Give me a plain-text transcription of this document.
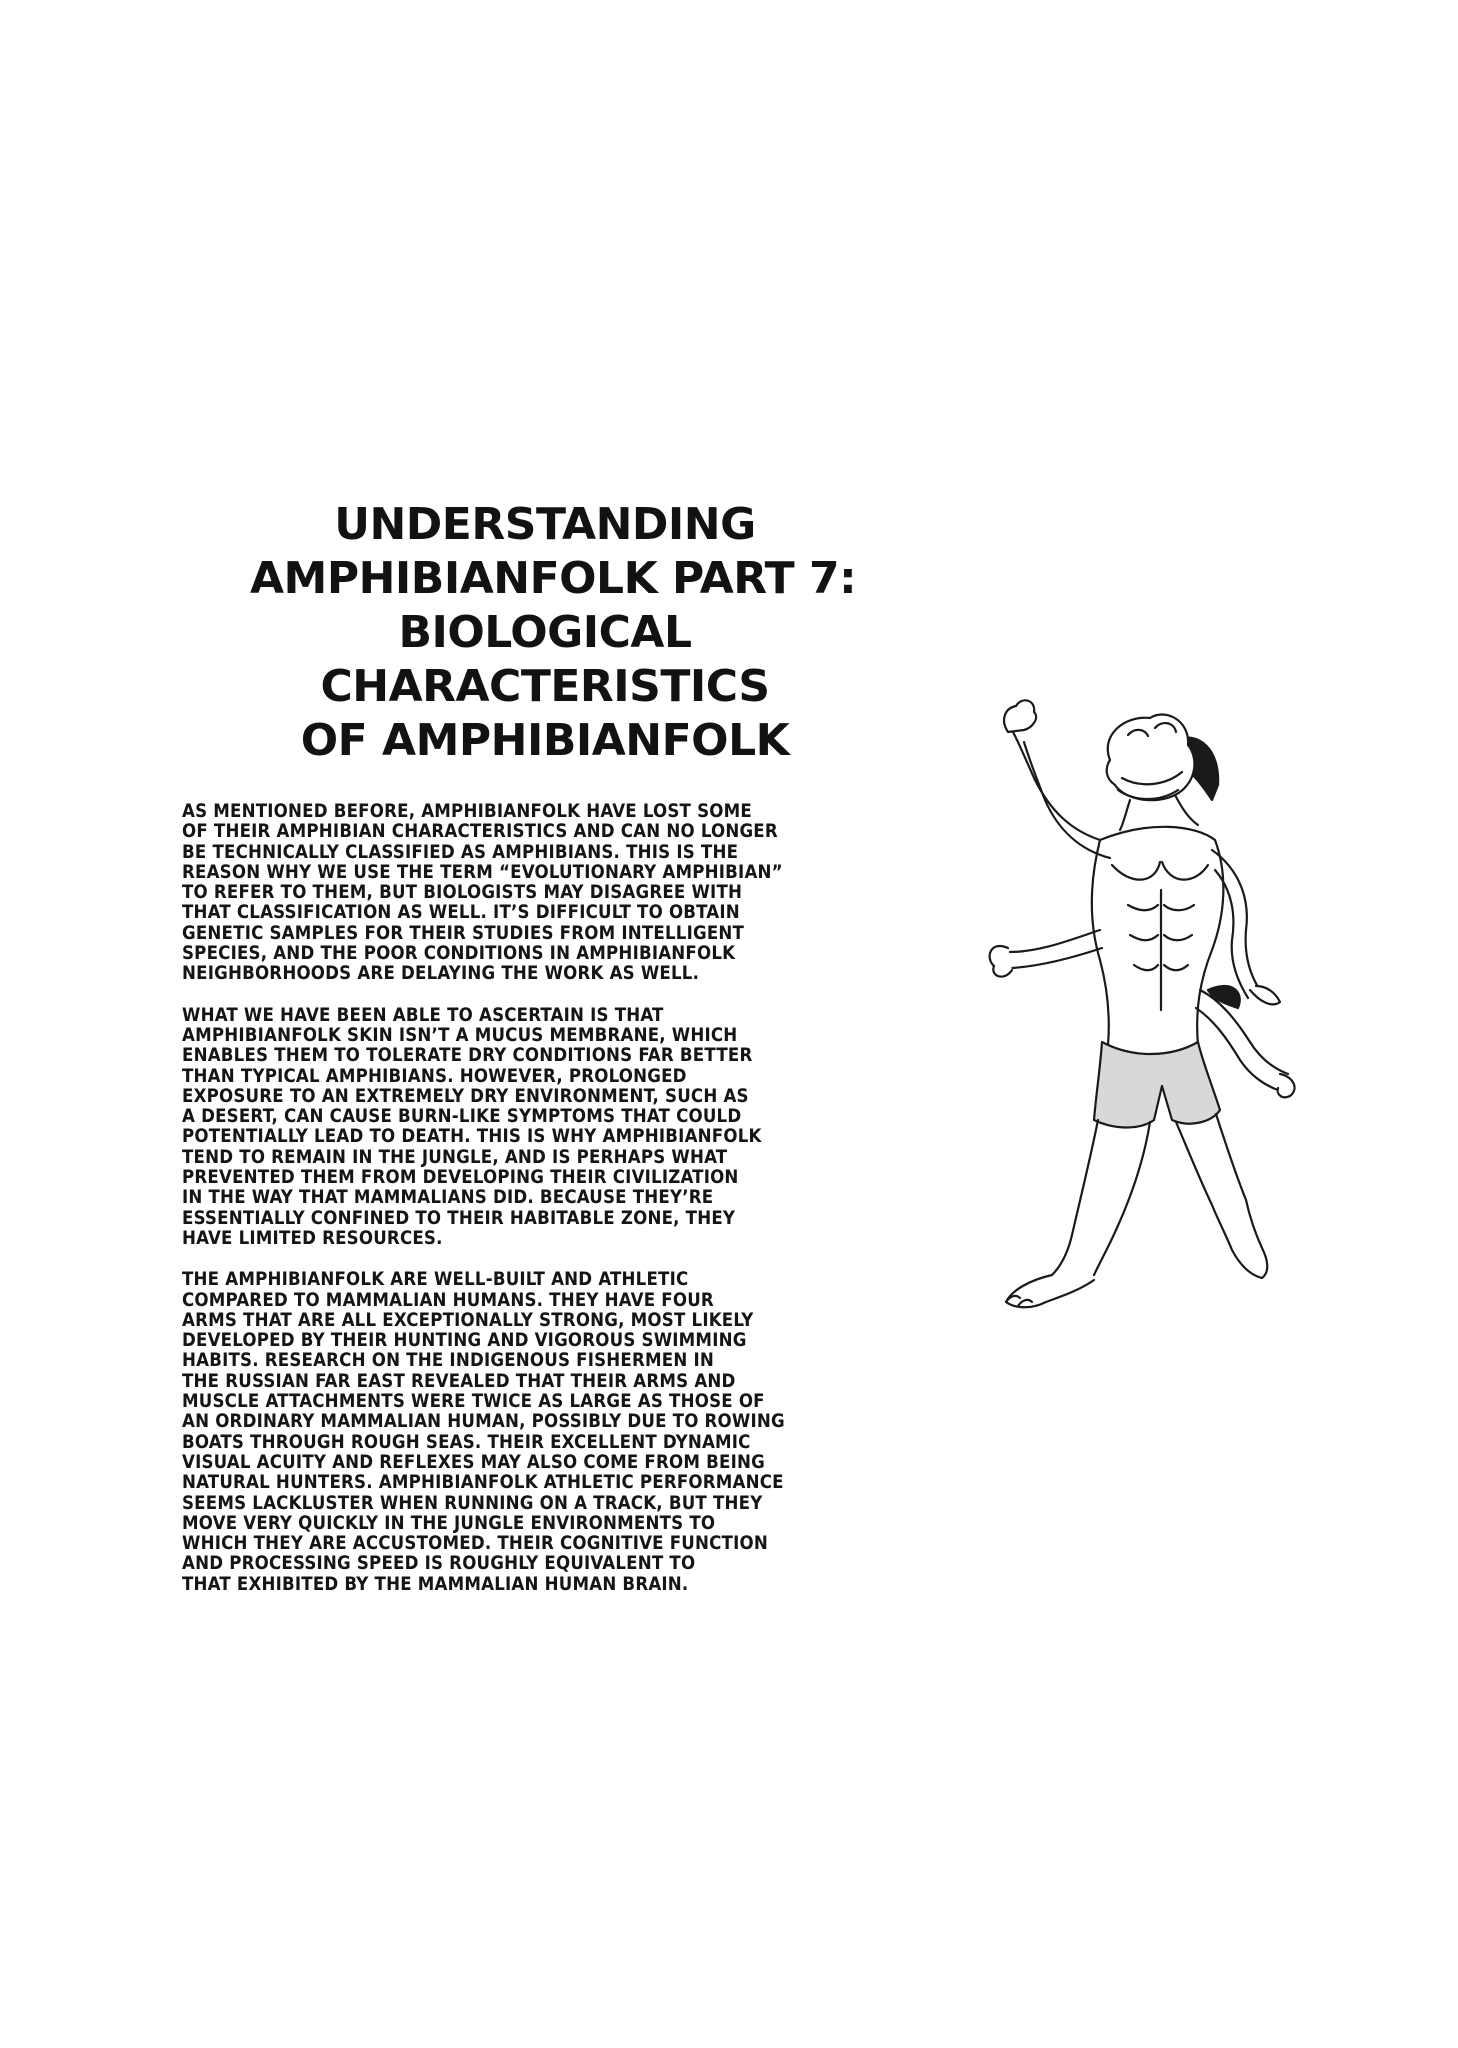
UNDERSTANDING
AMPHIBIANFOLK PART 7:
BIOLOGICAL
CHARACTERISTICS
OF AMPHIBIANFOLK

AS MENTIONED BEFORE, AMPHIBIANFOLK HAVE LOST SOME
OF THEIR AMPHIBIAN CHARACTERISTICS AND CAN NO LONGER
BE TECHNICALLY CLASSIFIED AS AMPHIBIANS. THIS IS THE
REASON WHY WE USE THE TERM “EVOLUTIONARY AMPHIBIAN”
TO REFER TO THEM, BUT BIOLOGISTS MAY DISAGREE WITH
THAT CLASSIFICATION AS WELL. IT’S DIFFICULT TO OBTAIN
GENETIC SAMPLES FOR THEIR STUDIES FROM INTELLIGENT
SPECIES, AND THE POOR CONDITIONS IN AMPHIBIANFOLK
NEIGHBORHOODS ARE DELAYING THE WORK AS WELL.

WHAT WE HAVE BEEN ABLE TO ASCERTAIN IS THAT
AMPHIBIANFOLK SKIN ISN’T A MUCUS MEMBRANE, WHICH
ENABLES THEM TO TOLERATE DRY CONDITIONS FAR BETTER
THAN TYPICAL AMPHIBIANS. HOWEVER, PROLONGED
EXPOSURE TO AN EXTREMELY DRY ENVIRONMENT, SUCH AS
A DESERT, CAN CAUSE BURN-LIKE SYMPTOMS THAT COULD
POTENTIALLY LEAD TO DEATH. THIS IS WHY AMPHIBIANFOLK
TEND TO REMAIN IN THE JUNGLE, AND IS PERHAPS WHAT
PREVENTED THEM FROM DEVELOPING THEIR CIVILIZATION
IN THE WAY THAT MAMMALIANS DID. BECAUSE THEY’RE
ESSENTIALLY CONFINED TO THEIR HABITABLE ZONE, THEY
HAVE LIMITED RESOURCES.

THE AMPHIBIANFOLK ARE WELL-BUILT AND ATHLETIC
COMPARED TO MAMMALIAN HUMANS. THEY HAVE FOUR
ARMS THAT ARE ALL EXCEPTIONALLY STRONG, MOST LIKELY
DEVELOPED BY THEIR HUNTING AND VIGOROUS SWIMMING
HABITS. RESEARCH ON THE INDIGENOUS FISHERMEN IN
THE RUSSIAN FAR EAST REVEALED THAT THEIR ARMS AND
MUSCLE ATTACHMENTS WERE TWICE AS LARGE AS THOSE OF
AN ORDINARY MAMMALIAN HUMAN, POSSIBLY DUE TO ROWING
BOATS THROUGH ROUGH SEAS. THEIR EXCELLENT DYNAMIC
VISUAL ACUITY AND REFLEXES MAY ALSO COME FROM BEING
NATURAL HUNTERS. AMPHIBIANFOLK ATHLETIC PERFORMANCE
SEEMS LACKLUSTER WHEN RUNNING ON A TRACK, BUT THEY
MOVE VERY QUICKLY IN THE JUNGLE ENVIRONMENTS TO
WHICH THEY ARE ACCUSTOMED. THEIR COGNITIVE FUNCTION
AND PROCESSING SPEED IS ROUGHLY EQUIVALENT TO
THAT EXHIBITED BY THE MAMMALIAN HUMAN BRAIN.
